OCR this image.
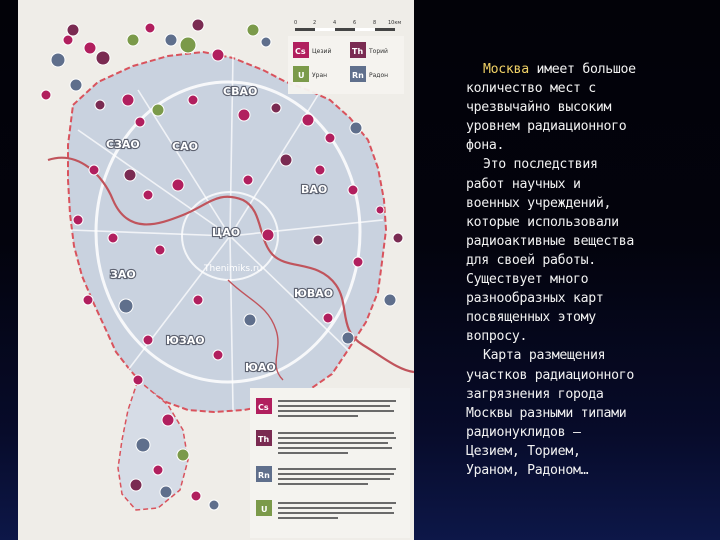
СВАО
СЗАО	САО
ВАО
ЦАО
ЗАО
ЮВАО
ЮЗАО
ЮАО
Thenimiks.ru
0	2	4	6	8 10км
Cs Цезий	Th Торий
U Уран	Rn Радон
Cs
Th
Rn
U

Москва имеет большое
количество мест с
чрезвычайно высоким
уровнем радиационного
фона.

Это последствия
работ научных и
военных учреждений,
которые использовали
радиоактивные вещества
для своей работы.
Существует много
разнообразных карт
посвященных этому
вопросу.

Карта размещения
участков радиационного
загрязнения города
Москвы разными типами
радионуклидов –
Цезием, Торием,
Ураном, Радоном…
